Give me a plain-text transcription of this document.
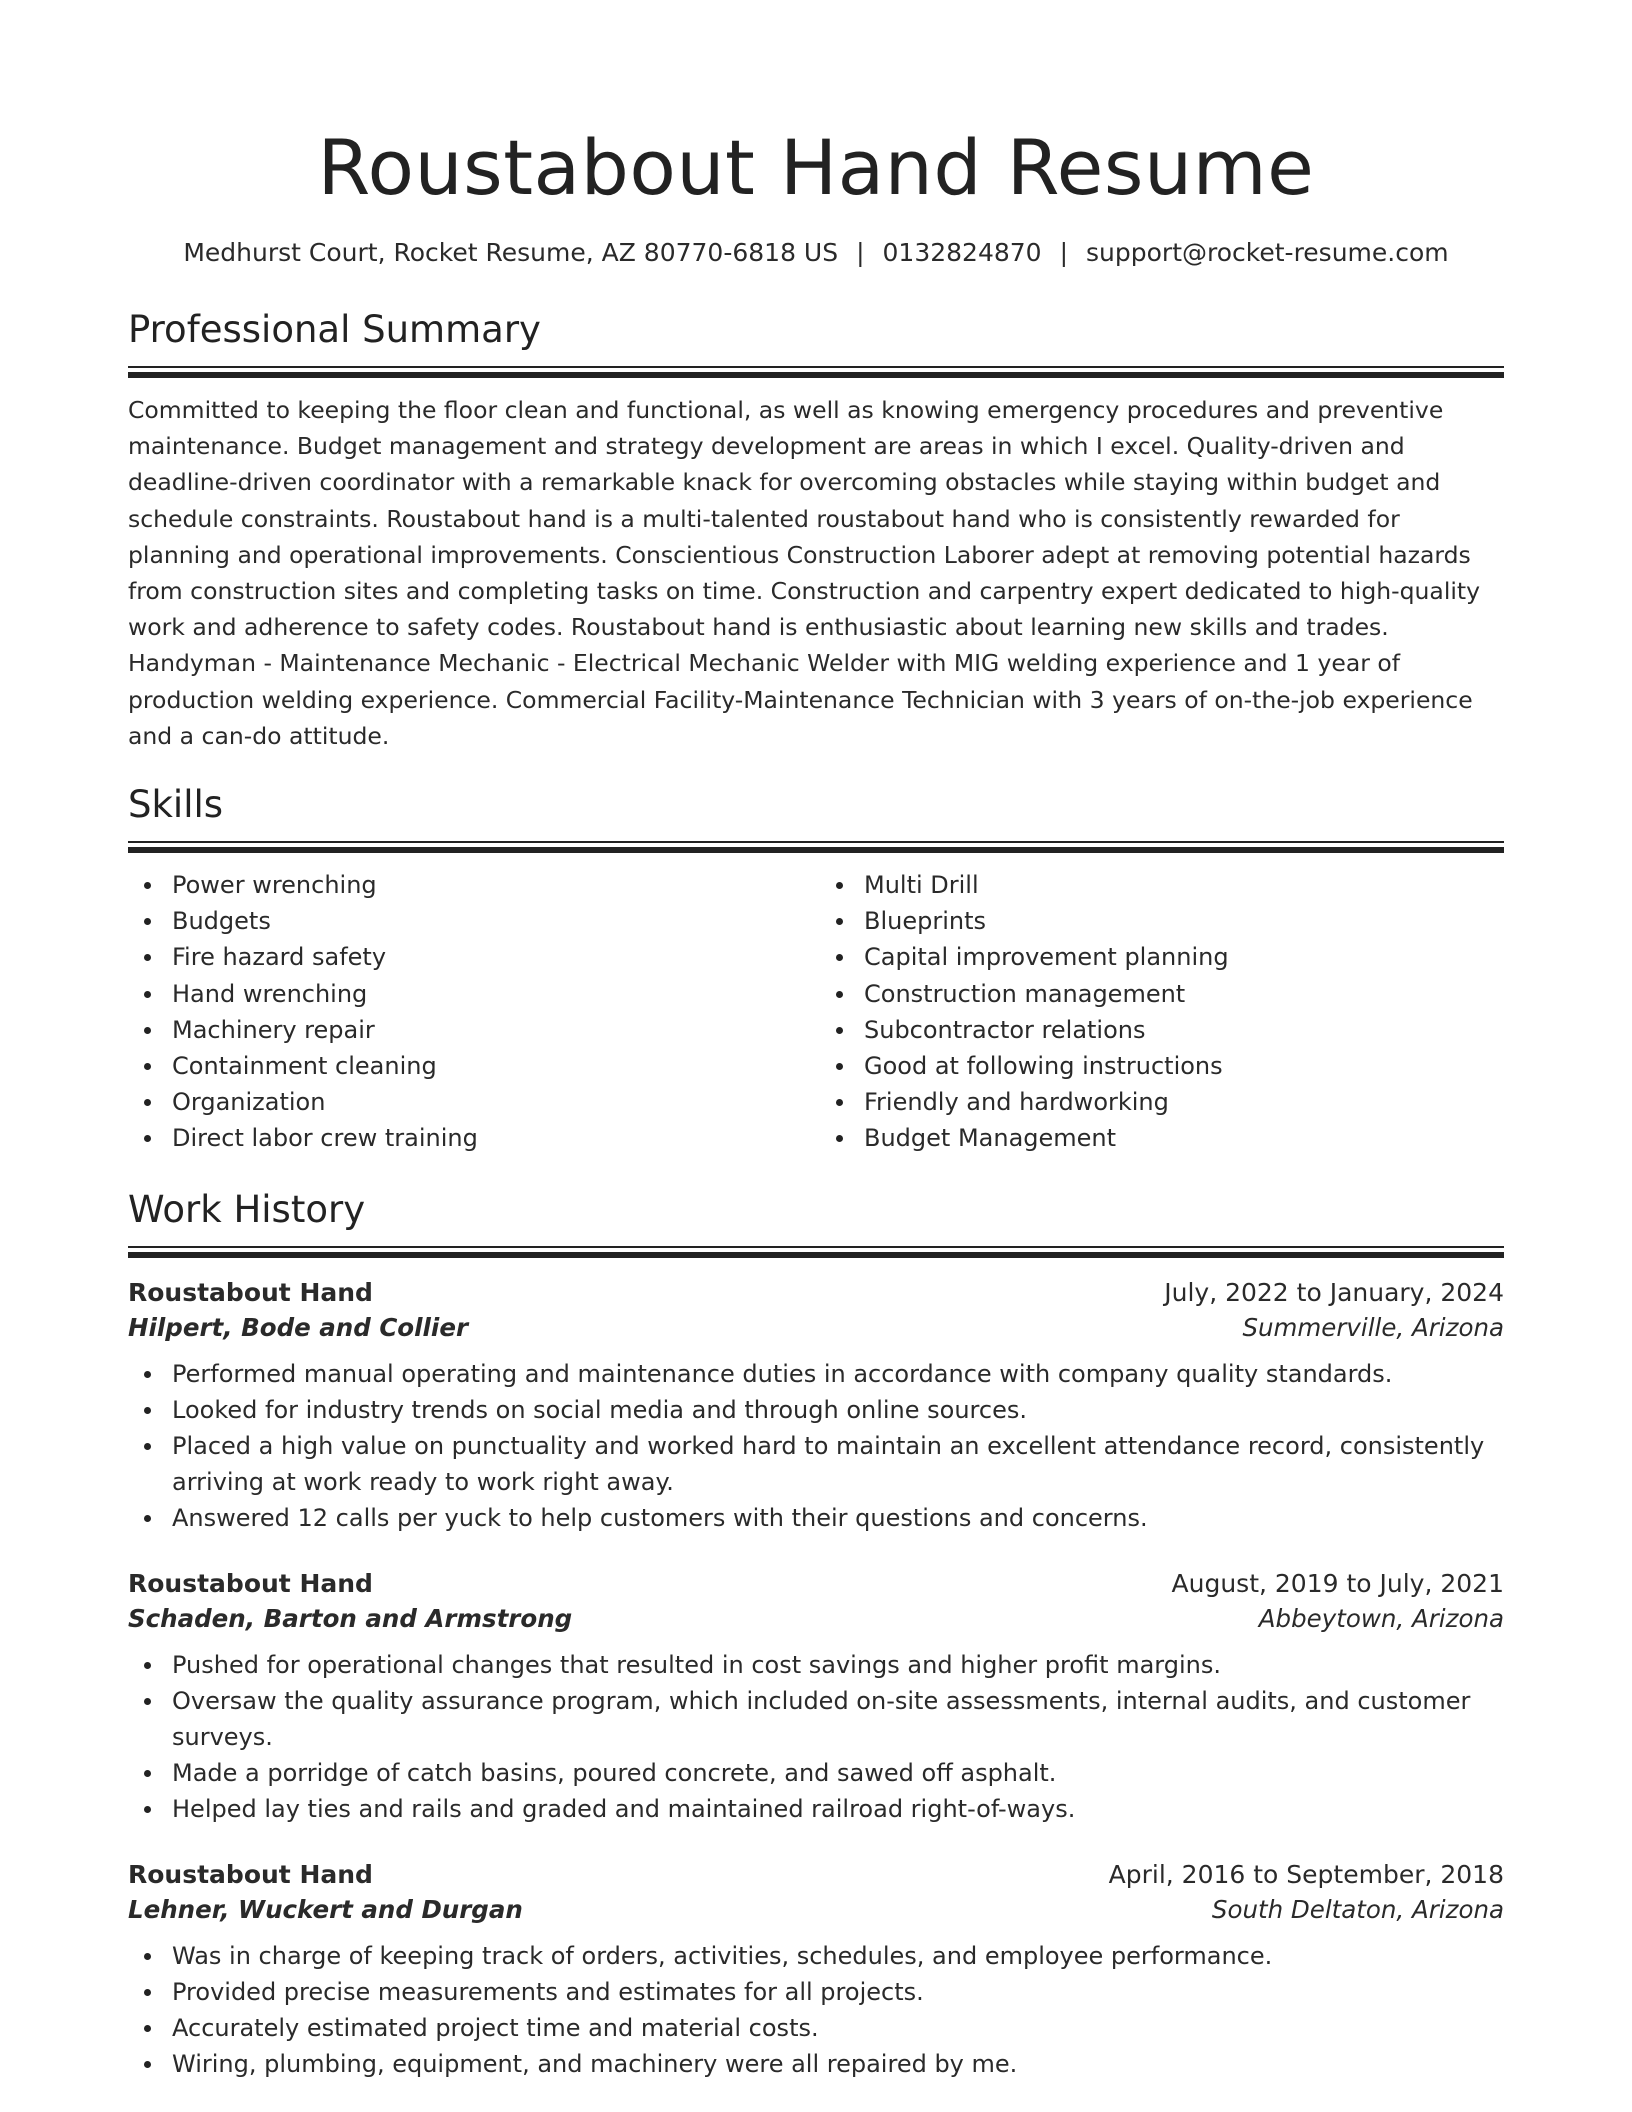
Roustabout Hand Resume
Medhurst Court, Rocket Resume, AZ 80770-6818 US | 0132824870 | support@rocket-resume.com
Professional Summary

Committed to keeping the floor clean and functional, as well as knowing emergency procedures and preventive maintenance. Budget management and strategy development are areas in which I excel. Quality-driven and deadline-driven coordinator with a remarkable knack for overcoming obstacles while staying within budget and schedule constraints. Roustabout hand is a multi-talented roustabout hand who is consistently rewarded for planning and operational improvements. Conscientious Construction Laborer adept at removing potential hazards from construction sites and completing tasks on time. Construction and carpentry expert dedicated to high-quality work and adherence to safety codes. Roustabout hand is enthusiastic about learning new skills and trades. Handyman - Maintenance Mechanic - Electrical Mechanic Welder with MIG welding experience and 1 year of production welding experience. Commercial Facility-Maintenance Technician with 3 years of on-the-job experience and a can-do attitude.

Skills
Power wrenching
Budgets
Fire hazard safety
Hand wrenching
Machinery repair
Containment cleaning
Organization
Direct labor crew training
Multi Drill
Blueprints
Capital improvement planning
Construction management
Subcontractor relations
Good at following instructions
Friendly and hardworking
Budget Management
Work History
Roustabout Hand	July, 2022 to January, 2024
Hilpert, Bode and Collier	Summerville, Arizona
Performed manual operating and maintenance duties in accordance with company quality standards.
Looked for industry trends on social media and through online sources.
Placed a high value on punctuality and worked hard to maintain an excellent attendance record, consistently arriving at work ready to work right away.
Answered 12 calls per yuck to help customers with their questions and concerns.
Roustabout Hand	August, 2019 to July, 2021
Schaden, Barton and Armstrong	Abbeytown, Arizona
Pushed for operational changes that resulted in cost savings and higher profit margins.
Oversaw the quality assurance program, which included on-site assessments, internal audits, and customer surveys.
Made a porridge of catch basins, poured concrete, and sawed off asphalt.
Helped lay ties and rails and graded and maintained railroad right-of-ways.
Roustabout Hand	April, 2016 to September, 2018
Lehner, Wuckert and Durgan	South Deltaton, Arizona
Was in charge of keeping track of orders, activities, schedules, and employee performance.
Provided precise measurements and estimates for all projects.
Accurately estimated project time and material costs.
Wiring, plumbing, equipment, and machinery were all repaired by me.
